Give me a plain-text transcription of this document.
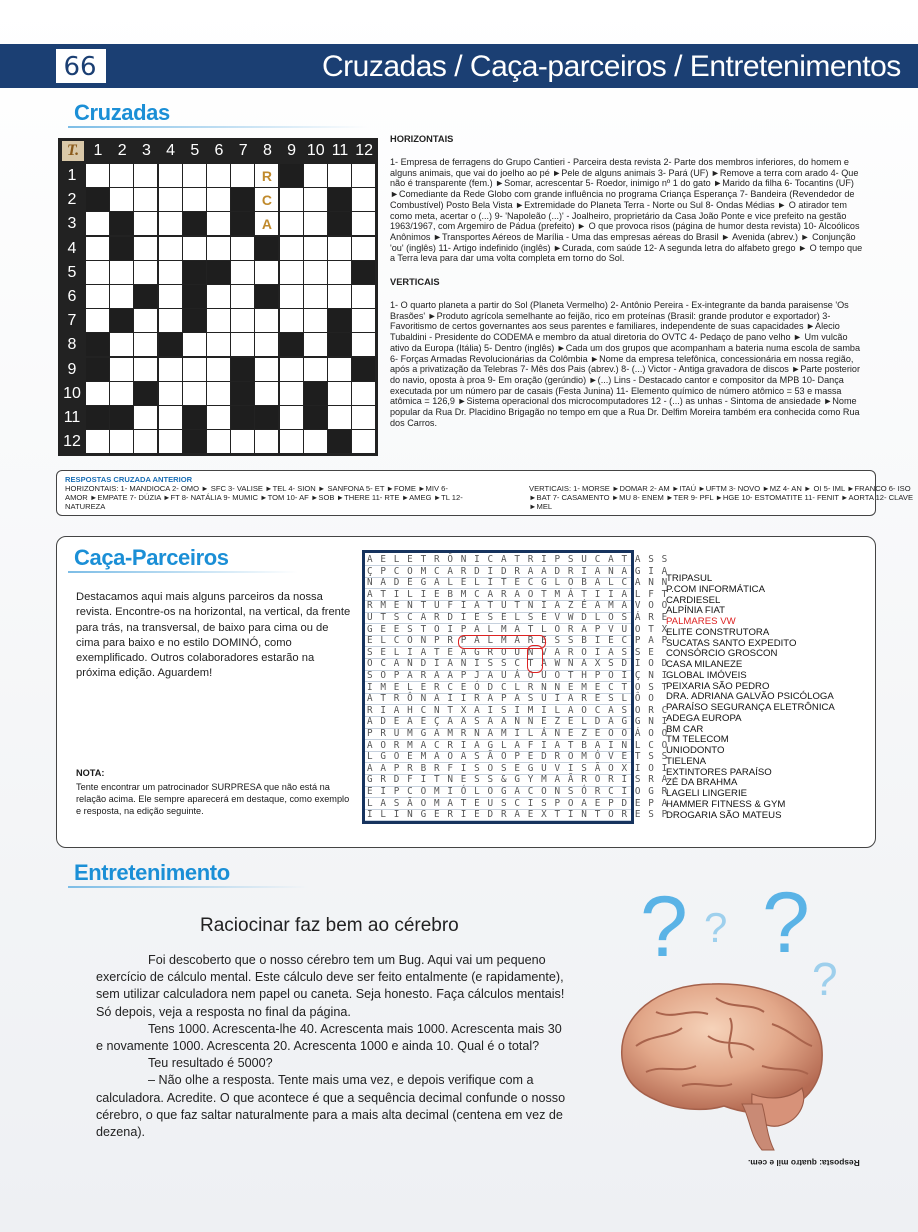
66	Cruzadas / Caça-parceiros / Entretenimentos
Cruzadas
T. 1 2 3 4 5 6 7 8 9 10 11 12
1
2
3
4
5
6
7
8
9
10
11
12
R
C
A
HORIZONTAIS

1- Empresa de ferragens do Grupo Cantieri - Parceira desta revista 2- Parte dos membros inferiores, do homem e alguns animais, que vai do joelho ao pé ►Pele de alguns animais 3- Pará (UF) ►Remove a terra com arado 4- Que não é transparente (fem.) ►Somar, acrescentar 5- Roedor, inimigo nº 1 do gato ►Marido da filha 6- Tocantins (UF) ►Comediante da Rede Globo com grande influência no programa Criança Esperança 7- Bandeira (Revendedor de Combustível) Posto Bela Vista ►Extremidade do Planeta Terra - Norte ou Sul 8- Ondas Médias ► O atirador tem como meta, acertar o (...) 9- 'Napoleão (...)' - Joalheiro, proprietário da Casa João Ponte e vice prefeito na gestão 1963/1967, com Argemiro de Pádua (prefeito) ► O que provoca risos (página de humor desta revista) 10- Alcoólicos Anônimos ►Transportes Aéreos de Marília - Uma das empresas aéreas do Brasil ► Avenida (abrev.) ► Conjunção 'ou' (inglês) 11- Artigo indefinido (inglês) ►Curada, com saúde 12- A segunda letra do alfabeto grego ► O tempo que a Terra leva para dar uma volta completa em torno do Sol.

VERTICAIS

1- O quarto planeta a partir do Sol (Planeta Vermelho) 2- Antônio Pereira - Ex-integrante da banda paraisense 'Os Brasões' ►Produto agrícola semelhante ao feijão, rico em proteínas (Brasil: grande produtor e exportador) 3- Favoritismo de certos governantes aos seus parentes e familiares, independente de suas capacidades ►Alecio Tubaldini - Presidente do CODEMA e membro da atual diretoria do OVTC 4- Pedaço de pano velho ► Um vulcão ativo da Europa (Itália) 5- Dentro (inglês) ►Cada um dos grupos que acompanham a bateria numa escola de samba 6- Forças Armadas Revolucionárias da Colômbia ►Nome da empresa telefônica, concessionária em nossa região, após a privatização da Telebras 7- Mês dos Pais (abrev.) 8- (...) Victor - Antiga gravadora de discos ►Parte posterior do navio, oposta à proa 9- Em oração (gerúndio) ►(...) Lins - Destacado cantor e compositor da MPB 10- Dança executada por um número par de casais (Festa Junina) 11- Elemento químico de número atômico = 53 e massa atômica = 126,9 ►Sistema operacional dos microcomputadores 12 - (...) as unhas - Sintoma de ansiedade ►Nome popular da Rua Dr. Placidino Brigagão no tempo em que a Rua Dr. Delfim Moreira também era conhecida como Rua dos Carros.

RESPOSTAS CRUZADA ANTERIOR
HORIZONTAIS: 1- MANDIOCA 2- OMO ► SFC 3- VALISE ►TEL 4- SION ► SANFONA 5- ET ►FOME ►MIV 6- AMOR ►EMPATE 7- DÚZIA ►FT 8- NATÁLIA 9- MUMIC ►TOM 10- AF ►SOB ►THERE 11- RTE ►AMEG ►TL 12- NATUREZA
VERTICAIS: 1- MORSE ►DOMAR 2- AM ►ITAÚ ►UFTM 3- NOVO ►MZ 4- AN ► OI 5- IML ►FRANCO 6- ISO ►BAT 7- CASAMENTO ►MU 8- ENEM ►TER 9- PFL ►HGE 10- ESTOMATITE 11- FENIT ►AORTA 12- CLAVE ►MEL
Caça-Parceiros
Destacamos aqui mais alguns parceiros da nossa revista. Encontre-os na horizontal, na vertical, da frente para trás, na transversal, de baixo para cima ou de cima para baixo e no estilo DOMINÓ, como exemplificado. Outros colaboradores estarão na próxima edição. Aguardem!
NOTA:
Tente encontrar um patrocinador SURPRESA que não está na relação acima. Ele sempre aparecerá em destaque, como exemplo e resposta, na edição seguinte.
A E L E T R Ô N I C A T R I P S U C A T A S S
Ç P C O M C A R D I D R A A D R I A N A G I A
N A D E G A L E L I T E C G L O B A L C A N N
A T I L I E B M C A R A O T M Á T I I A L F T
R M E N T U F I A T U T N I A Z É A M A V O O
U T S C A R D I E S E L S E V W D L O S Á R E
G E E S T O I P A L M A T L O R A P V U O T X
E L C O N P R P A L M A R E S S B I E C P A P
S E L I A T E A G R O U N V A R O I A S S E
O C A N D I A N I S S C T A W N A X S D I O D
S O P A R A A P J A U Á O U O T H P O I Ç N I
I M E L E R C E Ó D C L R N N E M E C T O S T
A T R Ô N A I I R A P A S U I A R E S L Ô O
R I A H C N T X A I S I M I L A O C A S O R C
A D E A E Ç A A S A A N N E Z E L D A G G N I
P R U M G A M R N A M I L Á N E Z E O O Á O O
A O R M A C R I A G L A F I A T B A I N L C O
L G O E M A O A S Ã O P E D R O M Ó V E T S S
A A P R B R F I S O S E G U V I S Ã O X I O I
G R D F I T N E S S & G Y M A Ã R O R I S R A
E I P C O M I Ó L O G A C O N S Ó R C I O G R
L A S Ã O M A T E U S C I S P O A E P D E P A
I L I N G E R I E D R A E X T I N T O R E S P
TRIPASUL
P.COM INFORMÁTICA
CARDIESEL
ALPÍNIA FIAT
PALMARES VW
ELITE CONSTRUTORA
SUCATAS SANTO EXPEDITO
CONSÓRCIO GROSCON
CASA MILANEZE
GLOBAL IMÓVEIS
PEIXARIA SÃO PEDRO
DRA. ADRIANA GALVÃO PSICÓLOGA
PARAÍSO SEGURANÇA ELETRÔNICA
ADEGA EUROPA
BM CAR
TM TELECOM
UNIODONTO
TIELENA
EXTINTORES PARAÍSO
ZÉ DA BRAHMA
LAGELI LINGERIE
HAMMER FITNESS & GYM
DROGARIA SÃO MATEUS
Entretenimento
Raciocinar faz bem ao cérebro

Foi descoberto que o nosso cérebro tem um Bug. Aqui vai um pequeno exercício de cálculo mental. Este cálculo deve ser feito entalmente (e rapidamente), sem utilizar calculadora nem papel ou caneta. Seja honesto. Faça cálculos mentais! Só depois, veja a resposta no final da página.

Tens 1000. Acrescenta-lhe 40. Acrescenta mais 1000. Acrescenta mais 30 e novamente 1000. Acrescenta 20. Acrescenta 1000 e ainda 10. Qual é o total?

Teu resultado é 5000?

– Não olhe a resposta. Tente mais uma vez, e depois verifique com a calculadora. Acredite. O que acontece é que a sequência decimal confunde o nosso cérebro, o que faz saltar naturalmente para a mais alta decimal (centena em vez de dezena).

? ? ?
?
Resposta: quatro mil e cem.
